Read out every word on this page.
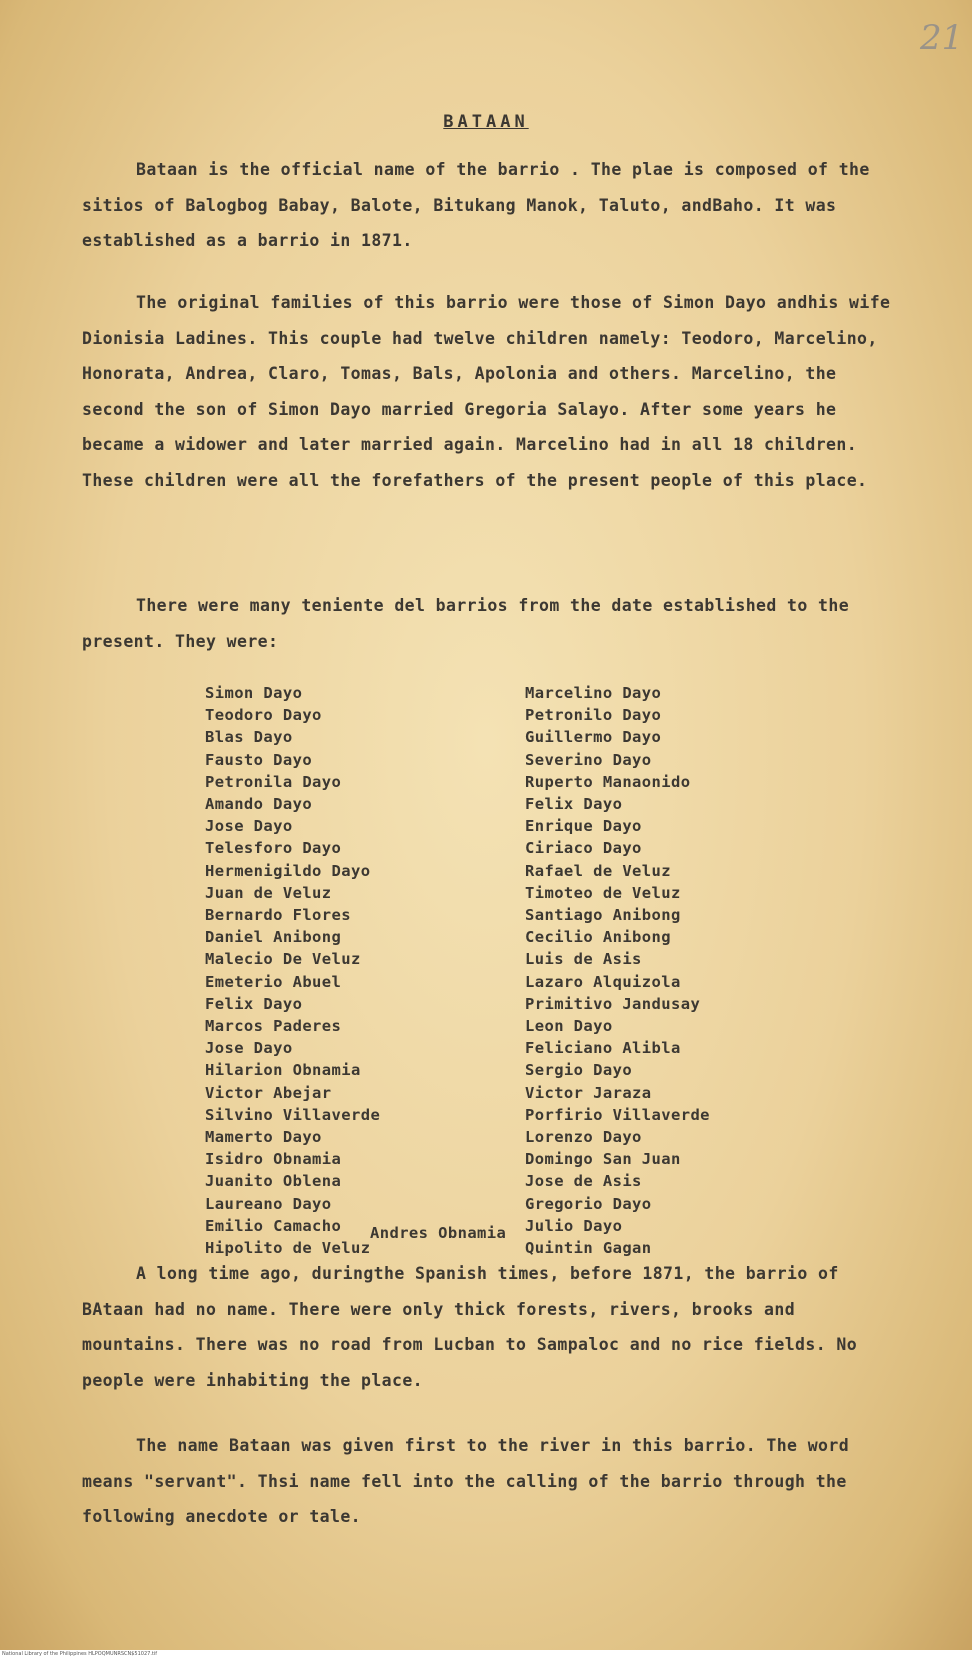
21
BATAAN

Bataan is the official name of the barrio . The plae is composed of the sitios of Balogbog Babay, Balote, Bitukang Manok, Taluto, andBaho. It was established as a barrio in 1871.

The original families of this barrio were those of Simon Dayo andhis wife Dionisia Ladines. This couple had twelve children namely: Teodoro, Marcelino, Honorata, Andrea, Claro, Tomas, Bals, Apolonia and others. Marcelino, the second the son of Simon Dayo married Gregoria Salayo. After some years he became a widower and later married again. Marcelino had in all 18 children. These children were all the forefathers of the present people of this place.

There were many teniente del barrios from the date established to the present. They were:

Simon Dayo
Teodoro Dayo
Blas Dayo
Fausto Dayo
Petronila Dayo
Amando Dayo
Jose Dayo
Telesforo Dayo
Hermenigildo Dayo
Juan de Veluz
Bernardo Flores
Daniel Anibong
Malecio De Veluz
Emeterio Abuel
Felix Dayo
Marcos Paderes
Jose Dayo
Hilarion Obnamia
Victor Abejar
Silvino Villaverde
Mamerto Dayo
Isidro Obnamia
Juanito Oblena
Laureano Dayo
Emilio Camacho
Hipolito de Veluz
Marcelino Dayo
Petronilo Dayo
Guillermo Dayo
Severino Dayo
Ruperto Manaonido
Felix Dayo
Enrique Dayo
Ciriaco Dayo
Rafael de Veluz
Timoteo de Veluz
Santiago Anibong
Cecilio Anibong
Luis de Asis
Lazaro Alquizola
Primitivo Jandusay
Leon Dayo
Feliciano Alibla
Sergio Dayo
Victor Jaraza
Porfirio Villaverde
Lorenzo Dayo
Domingo San Juan
Jose de Asis
Gregorio Dayo
Julio Dayo
Quintin Gagan
Andres Obnamia

A long time ago, duringthe Spanish times, before 1871, the barrio of BAtaan had no name. There were only thick forests, rivers, brooks and mountains. There was no road from Lucban to Sampaloc and no rice fields. No people were inhabiting the place.

The name Bataan was given first to the river in this barrio. The word means "servant". Thsi name fell into the calling of the barrio through the following anecdote or tale.

National Library of the Philippines HLPOQMUNRSCN$51027.tif
